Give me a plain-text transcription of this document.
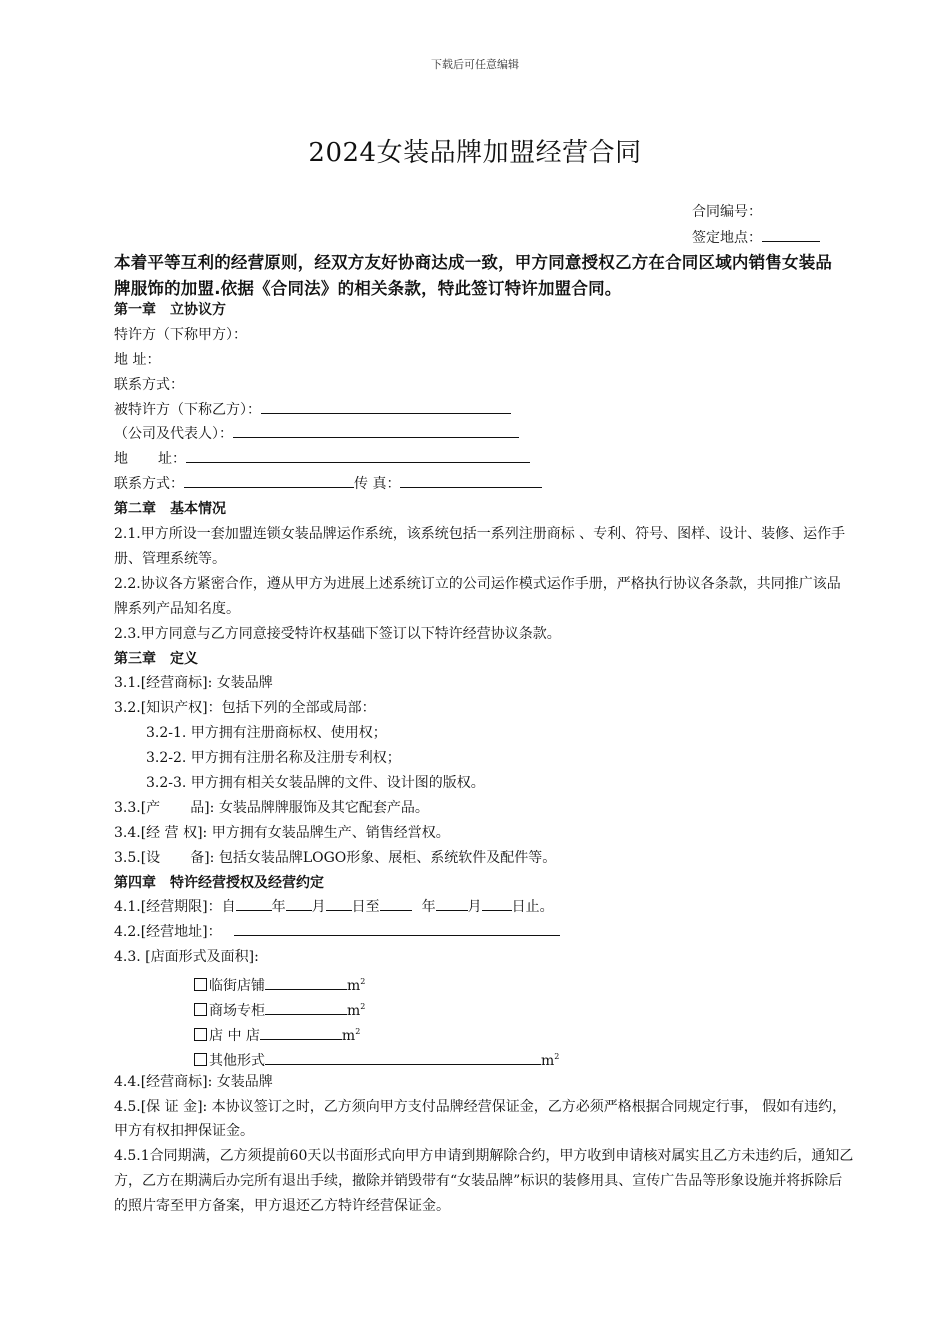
下载后可任意编辑
2024女装品牌加盟经营合同
合同编号：
签定地点：
本着平等互利的经营原则，经双方友好协商达成一致，甲方同意授权乙方在合同区域内销售女装品牌服饰的加盟.依据《合同法》的相关条款，特此签订特许加盟合同。
第一章　立协议方
特许方（下称甲方）：
地 址：
联系方式：
被特许方（下称乙方）：
（公司及代表人）：
地 址：
联系方式：	传 真：
第二章　基本情况
2.1.甲方所设一套加盟连锁女装品牌运作系统，该系统包括一系列注册商标 、专利、符号、图样、设计、装修、运作手册、管理系统等。
2.2.协议各方紧密合作，遵从甲方为进展上述系统订立的公司运作模式运作手册，严格执行协议各条款，共同推广该品牌系列产品知名度。
2.3.甲方同意与乙方同意接受特许权基础下签订以下特许经营协议条款。
第三章　定义
3.1.[经营商标]: 女装品牌
3.2.[知识产权]：包括下列的全部或局部：
3.2-1. 甲方拥有注册商标权、使用权；
3.2-2. 甲方拥有注册名称及注册专利权；
3.2-3. 甲方拥有相关女装品牌的文件、设计图的版权。
3.3.[产 品]: 女装品牌牌服饰及其它配套产品。
3.4.[经 营 权]: 甲方拥有女装品牌生产、销售经営权。
3.5.[设 备]: 包括女装品牌LOGO形象、展柜、系统软件及配件等。
第四章　特许经营授权及经营约定
4.1.[经营期限]：自	年 月 日至	年 月 日止。
4.2.[经营地址]：
4.3. [店面形式及面积]:
临街店铺	$m^2$
商场专柜	$m^2$
店 中 店	$m^2$
其他形式	$m^2$
4.4.[经营商标]: 女装品牌
4.5.[保 证 金]: 本协议签订之时，乙方须向甲方支付品牌经营保证金，乙方必须严格根据合同规定行事， 假如有违约，甲方有权扣押保证金。
4.5.1合同期满，乙方须提前60天以书面形式向甲方申请到期解除合约，甲方收到申请核对属实且乙方未违约后，通知乙方，乙方在期满后办完所有退出手续，撤除并销毁带有“女装品牌”标识的装修用具、宣传广告品等形象设施并将拆除后的照片寄至甲方备案，甲方退还乙方特许经营保证金。
